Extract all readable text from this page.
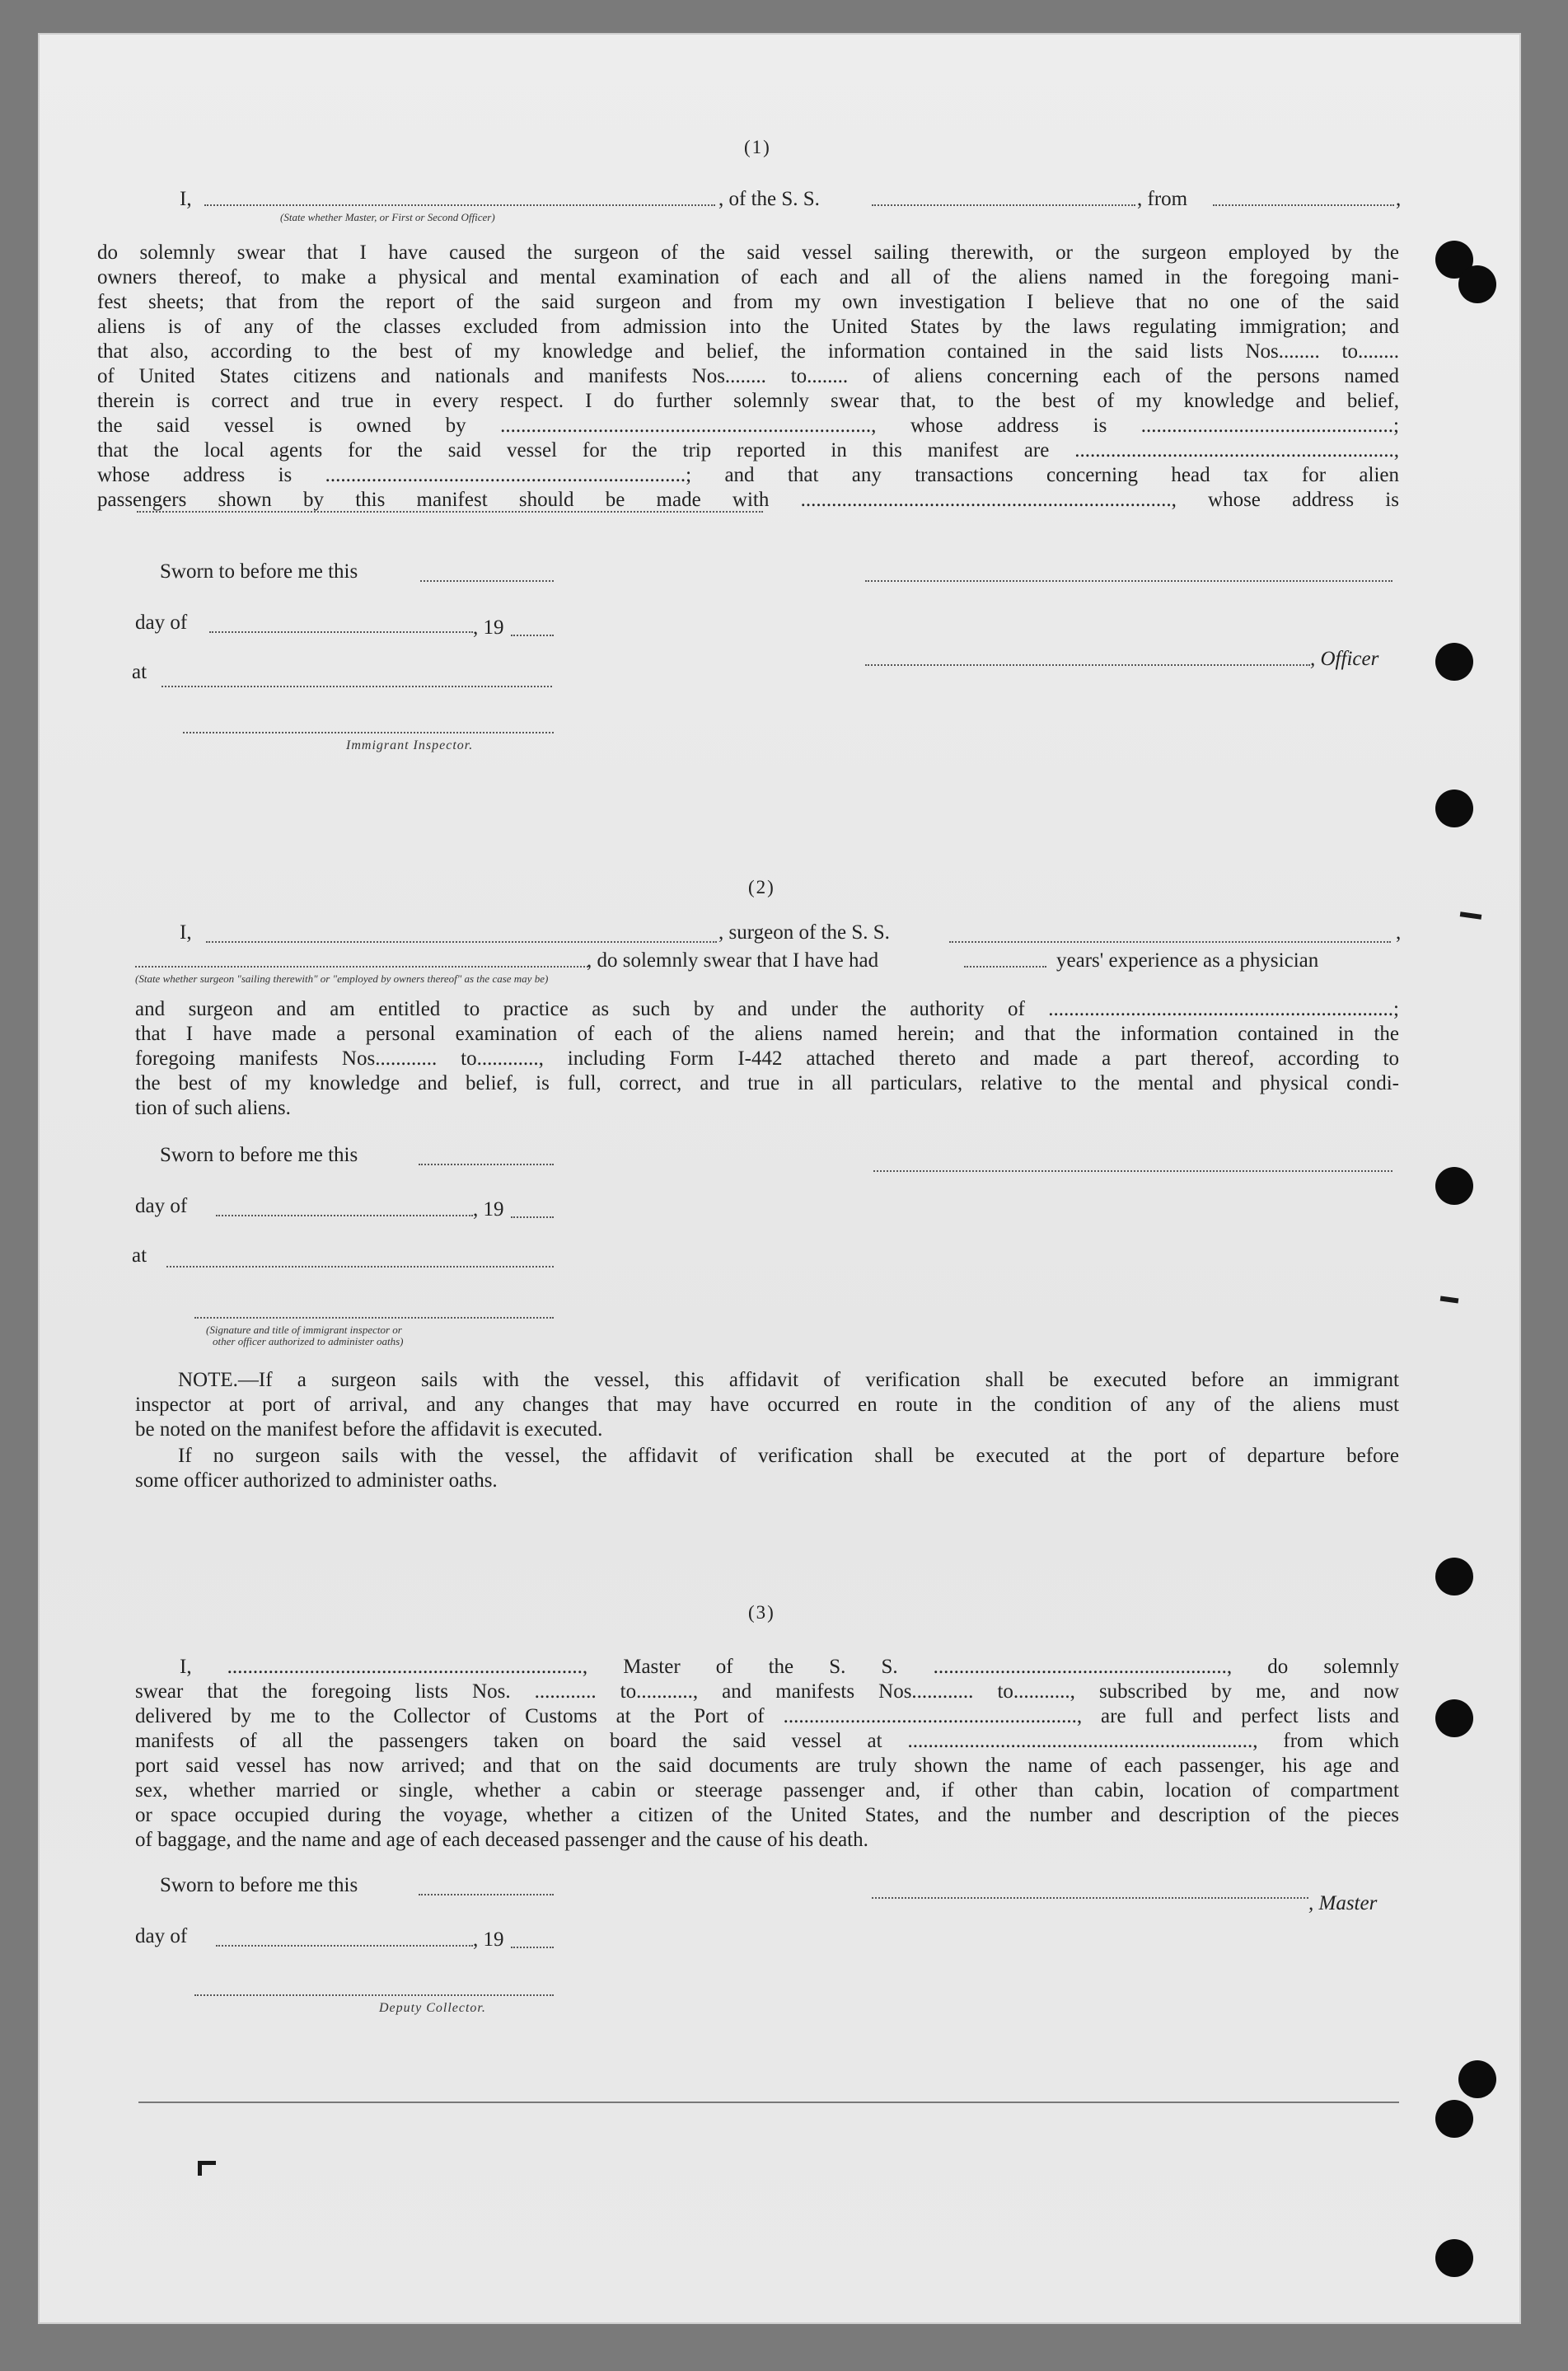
(1)
I,	, of the S. S.	, from	,
(State whether Master, or First or Second Officer)
do solemnly swear that I have caused the surgeon of the said vessel sailing therewith, or the surgeon employed by the
owners thereof, to make a physical and mental examination of each and all of the aliens named in the foregoing mani-
fest sheets; that from the report of the said surgeon and from my own investigation I believe that no one of the said
aliens is of any of the classes excluded from admission into the United States by the laws regulating immigration; and
that also, according to the best of my knowledge and belief, the information contained in the said lists Nos........ to........
of United States citizens and nationals and manifests Nos........ to........ of aliens concerning each of the persons named
therein is correct and true in every respect. I do further solemnly swear that, to the best of my knowledge and belief,
the said vessel is owned by ........................................................................, whose address is .................................................;
that the local agents for the said vessel for the trip reported in this manifest are ..............................................................,
whose address is ......................................................................; and that any transactions concerning head tax for alien
passengers shown by this manifest should be made with ........................................................................, whose address is
Sworn to before me this
day of	, 19
at
, Officer
Immigrant Inspector.
(2)
I,	, surgeon of the S. S.	,
, do solemnly swear that I have had	years' experience as a physician
(State whether surgeon "sailing therewith" or "employed by owners thereof" as the case may be)
and surgeon and am entitled to practice as such by and under the authority of ...................................................................;
that I have made a personal examination of each of the aliens named herein; and that the information contained in the
foregoing manifests Nos............ to............, including Form I-442 attached thereto and made a part thereof, according to
the best of my knowledge and belief, is full, correct, and true in all particulars, relative to the mental and physical condi-
tion of such aliens.
Sworn to before me this
day of	, 19
at
(Signature and title of immigrant inspector or
other officer authorized to administer oaths)
NOTE.—If a surgeon sails with the vessel, this affidavit of verification shall be executed before an immigrant
inspector at port of arrival, and any changes that may have occurred en route in the condition of any of the aliens must
be noted on the manifest before the affidavit is executed.
If no surgeon sails with the vessel, the affidavit of verification shall be executed at the port of departure before
some officer authorized to administer oaths.
(3)
I, ....................................................................., Master of the S. S. ........................................................., do solemnly
swear that the foregoing lists Nos. ............ to..........., and manifests Nos............ to..........., subscribed by me, and now
delivered by me to the Collector of Customs at the Port of ........................................................., are full and perfect lists and
manifests of all the passengers taken on board the said vessel at ..................................................................., from which
port said vessel has now arrived; and that on the said documents are truly shown the name of each passenger, his age and
sex, whether married or single, whether a cabin or steerage passenger and, if other than cabin, location of compartment
or space occupied during the voyage, whether a citizen of the United States, and the number and description of the pieces
of baggage, and the name and age of each deceased passenger and the cause of his death.
Sworn to before me this
, Master
day of	, 19
Deputy Collector.
